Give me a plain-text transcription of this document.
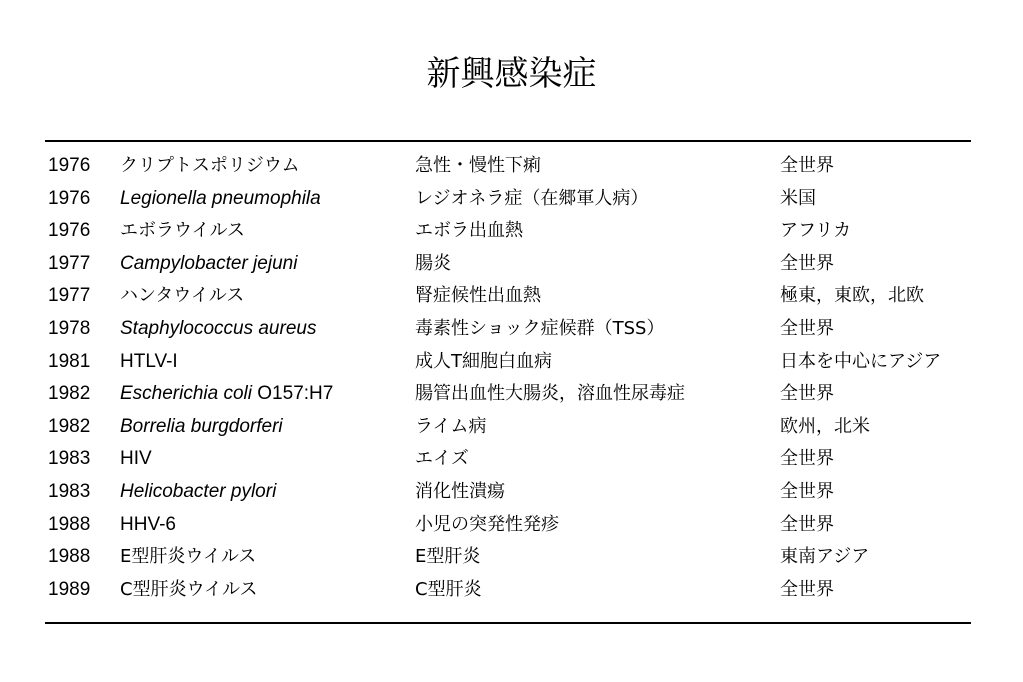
新興感染症
1976 クリプトスポリジウム	急性・慢性下痢	全世界
1976 Legionella pneumophila	レジオネラ症（在郷軍人病）	米国
1976 エボラウイルス	エボラ出血熱	アフリカ
1977 Campylobacter jejuni	腸炎	全世界
1977 ハンタウイルス	腎症候性出血熱	極東，東欧，北欧
1978 Staphylococcus aureus	毒素性ショック症候群（TSS）	全世界
1981 HTLV-I	成人T細胞白血病	日本を中心にアジア
1982 Escherichia coli O157:H7	腸管出血性大腸炎，溶血性尿毒症	全世界
1982 Borrelia burgdorferi	ライム病	欧州，北米
1983 HIV	エイズ	全世界
1983 Helicobacter pylori	消化性潰瘍	全世界
1988 HHV-6	小児の突発性発疹	全世界
1988 E型肝炎ウイルス	E型肝炎	東南アジア
1989 C型肝炎ウイルス	C型肝炎	全世界
